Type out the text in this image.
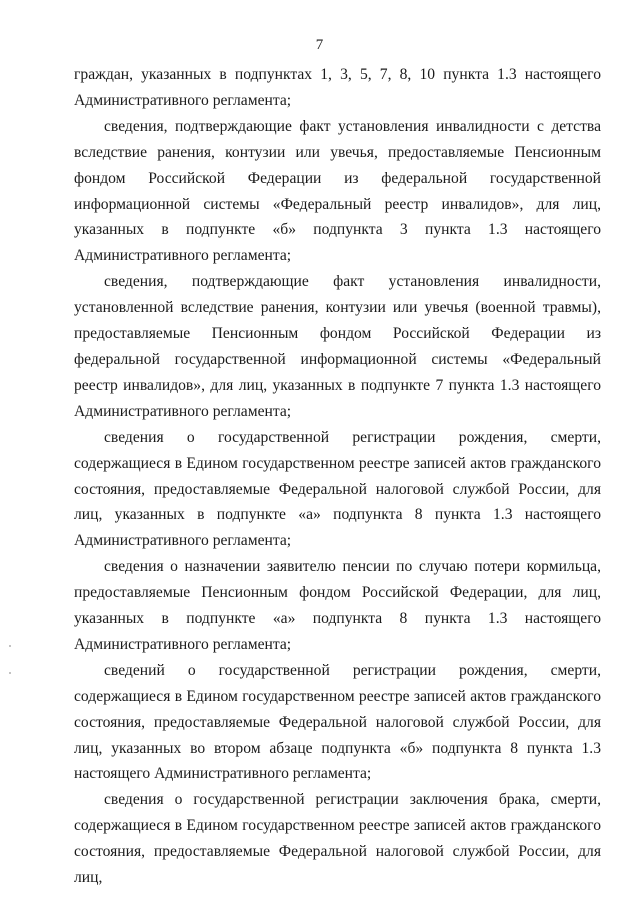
7

граждан, указанных в подпунктах 1, 3, 5, 7, 8, 10 пункта 1.3 настоящего Административного регламента;

сведения, подтверждающие факт установления инвалидности с детства вследствие ранения, контузии или увечья, предоставляемые Пенсионным фондом Российской Федерации из федеральной государственной информационной системы «Федеральный реестр инвалидов», для лиц, указанных в подпункте «б» подпункта 3 пункта 1.3 настоящего Административного регламента;

сведения, подтверждающие факт установления инвалидности, установленной вследствие ранения, контузии или увечья (военной травмы), предоставляемые Пенсионным фондом Российской Федерации из федеральной государственной информационной системы «Федеральный реестр инвалидов», для лиц, указанных в подпункте 7 пункта 1.3 настоящего Административного регламента;

сведения о государственной регистрации рождения, смерти, содержащиеся в Едином государственном реестре записей актов гражданского состояния, предоставляемые Федеральной налоговой службой России, для лиц, указанных в подпункте «а» подпункта 8 пункта 1.3 настоящего Административного регламента;

сведения о назначении заявителю пенсии по случаю потери кормильца, предоставляемые Пенсионным фондом Российской Федерации, для лиц, указанных в подпункте «а» подпункта 8 пункта 1.3 настоящего Административного регламента;

сведений о государственной регистрации рождения, смерти, содержащиеся в Едином государственном реестре записей актов гражданского состояния, предоставляемые Федеральной налоговой службой России, для лиц, указанных во втором абзаце подпункта «б» подпункта 8 пункта 1.3 настоящего Административного регламента;

сведения о государственной регистрации заключения брака, смерти, содержащиеся в Едином государственном реестре записей актов гражданского состояния, предоставляемые Федеральной налоговой службой России, для лиц,
